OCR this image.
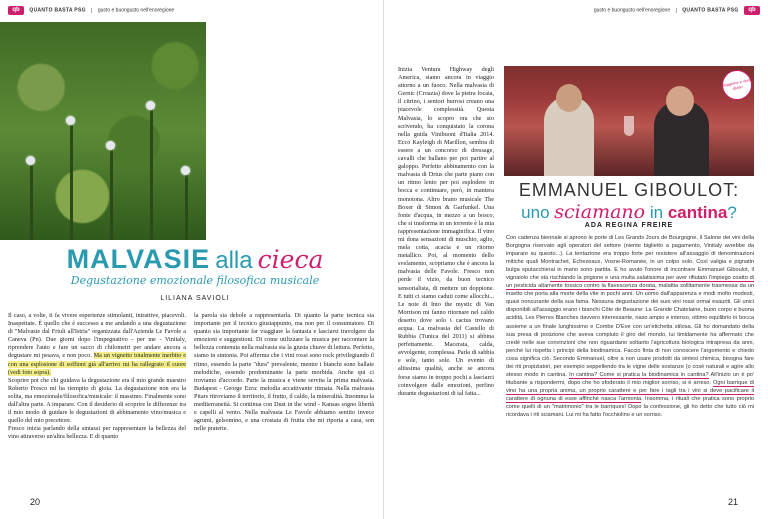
qb QUANTO BASTA PSG | gusto e buongusto nell'enoregione
MALVASIE alla cieca
Degustazione emozionale filosofica musicale
LILIANA SAVIOLI

Il caso, a volte, ti fa vivere esperienze stimolanti, intrattive, piacevoli. Inaspettate. È quello che è successo a me andando a una degustazione di "Malvasie dal Friuli all'Istria" organizzata dall'Azienda Le Favole a Caneva (Pn). Due giorni dopo l'impegnativo - per me - Vinitaly, riprendere l'auto e fare un sacco di chilometri per andare ancora a degustare mi pesava, e non poco. Ma un vignetto totalmente inerbito e con una esplosione di soffioni già all'arrivo mi ha rallegrato il cuore (vedi foto sopra).

Scoprire poi che chi guidava la degustazione era il mio grande maestro Roberto Fresco mi ha riempito di gioia. La degustazione non era la solita, ma emozionale/filosofica/musicale: il massimo. Finalmente sono dall'altra parte. A imparare. Con il desiderio di scoprire le differenze tra il mio modo di guidare le degustazioni di abbinamento vino/musica e quello del mio precettore.

Fresco inizia parlando della sintassi per rappresentare la bellezza del vino attraverso un'altra bellezza. E di quanto

la parola sia debole a rappresentarla. Di quanto la parte tecnica sia importante per il tecnico giustappunto, ma non per il consumatore. Di quanto sia importante far viaggiare la fantasia e lasciarsi travolgere da emozioni e suggestioni. Di come utilizzare la musica per raccontare la bellezza contenuta nella malvasia sia la giusta chiave di lettura. Perfetto, siamo in sintonia. Poi afferma che i vini rossi sono rock privilegiando il ritmo, essendo la parte "dura" prevalente, mentre i bianchi sono ballate melodiche, essendo predominante la parte morbida. Anche qui ci troviamo d'accordo. Parte la musica e viene servita la prima malvasia. Budapest - George Ezra: melodia accattivante ritmata. Nella malvasia Pitars ritroviamo il territorio, il frutto, il caldo, la mineralità. Insomma la mediterraneità. Si continua con Dust in the wind - Kansas sogno libertà e capelli al vento. Nella malvasia Le Favole abbiamo sentito invece agrumi, gelsomino, e una crostata di frutta che mi riporta a casa, son nelle praterie.
20
gusto e buongusto nell'enoregione | QUANTO BASTA PSG qb
Inizia Ventura Highway degli America, siamo ancora in viaggio attorno a un fuoco. Nella malvasia di Gernic (Croazia) dove la pietra focaia, il citrino, i sentori burrosi creano una piacevole complessità. Questa Malvasia, lo scopro ora che sto scrivendo, ha conquistato la corona nella guida Vinibuoni d'Italia 2014. Ecco Kayleigh di Marillon, sembra di essere a un concorso di dressage, cavalli che ballano per poi partire al galoppo. Perfetto abbinamento con la malvasia di Drius che parte piano con un ritmo lento per poi esplodere in bocca e continuare, però, in maniera monotona. Altro brano musicale The Boxer di Simon & Garfunkel. Una fonte d'acqua, in mezzo a un bosco, che si trasforma in un torrente è la mia rappresentazione immaginifica. Il vino mi dona sensazioni di muschio, aglio, mela cotta, acacia e un ritorno metallico. Poi, al momento dello svelamento, scopriamo che è ancora la malvasia delle Favole. Fresco non perde il vizio, da buon tecnico sensorialista, di mettere un doppione. E tutti ci siamo caduti come allocchi... Le note di Into the mystic di Van Morrison mi fanno ritornare nel caldo deserto dove solo i cactus trovano acqua. La malvasia del Castello di Rubbia (Tunica del 2011) si abbina perfettamente. Macerata, calda, avvolgente, complessa. Parla di sabbia e sole, tanto sole. Un evento di altissima qualità, anche se ancora forse siamo in troppo pochi a lasciarci coinvolgere dalle emozioni, perfino durante degustazioni di tal fatta...
Stagione e vino diviso
EMMANUEL GIBOULOT:
uno sciamano in cantina?
ADA REGINA FREIRE
Con cadenza biennale si aprono le porte di Les Grands Jours de Bourgogne, il Salone dei vini della Borgogna riservato agli operatori del settore (niente biglietto a pagamento, Vinitaly avrebbe da imparare su questo...). La tentazione era troppo forte per resistere all'assaggio di denominazioni mitiche quali Montrachet, Echezeaux, Vosne-Romanée, in un colpo solo. Così valigia e pignatin bulga sputacchierai in mano sono partita. E ho avuto l'onore di incontrare Emmanuel Giboulot, il vignaiolo che sta rischiando la prigione e una multa salatissima per aver rifiutato l'impiego coatto di un pesticida altamente tossico contro la flavescenza dorata, malattia sollitamente trasmessa da un insetto che porta alla morte della vite in pochi anni. Un uomo dall'apparenza e modi molto modesti, quasi noncurante della sua fama. Nessuna degustazione dei suoi vini rossi ormai esauriti. Gli unici disponibili all'assaggio erano i bianchi Côte de Beaune: La Grande Chatelaine, buon corpo e buona acidità, Les Pierres Blanches davvero interessante, naso ampio e intenso, ottimo equilibrio in bocca assieme a un finale lunghissimo e Combe D'Eve con un'etichetta stilosa. Gli ho domandato della sua presa di posizione che aveva compiuto il giro del mondo, lui timidamente ha affermato che credé nelle sue convinzioni che non riguardano soltanto l'agricoltura biologica intrapresa da anni, perché lui rispetta i principi della biodinamica. Faccio finta di non conoscere l'argomento e chiedo cosa significa ciò. Secondo Emmanuel, oltre a non usare prodotti da sintesi chimica, bisogna fare dei riti propiziatori, per esempio seppellendo tra le vigne delle sostanze (o cosè naturali e agire allo stesso modo in cantina. In cantina? Come si pratica la biodinamica in cantina? All'inizio un è po' titubante a rispondermi, dopo che ho sfoderato il mio miglior sorriso, si è arreso. Ogni barrique di vino ha una propria anima, un proprio carattere e per fare i tagli tra i vini si deve pacificare il carattere di ognuna di esse affinché nasca l'armonia. Insomma, i rituali che pratica sono proprio come quelli di un "matrimonio" tra le barriques! Dopo la confessione, gli ho detto che tutto ciò mi ricordava i riti sciamani. Lui mi ha fatto l'occhiolino e un sorriso.
21
